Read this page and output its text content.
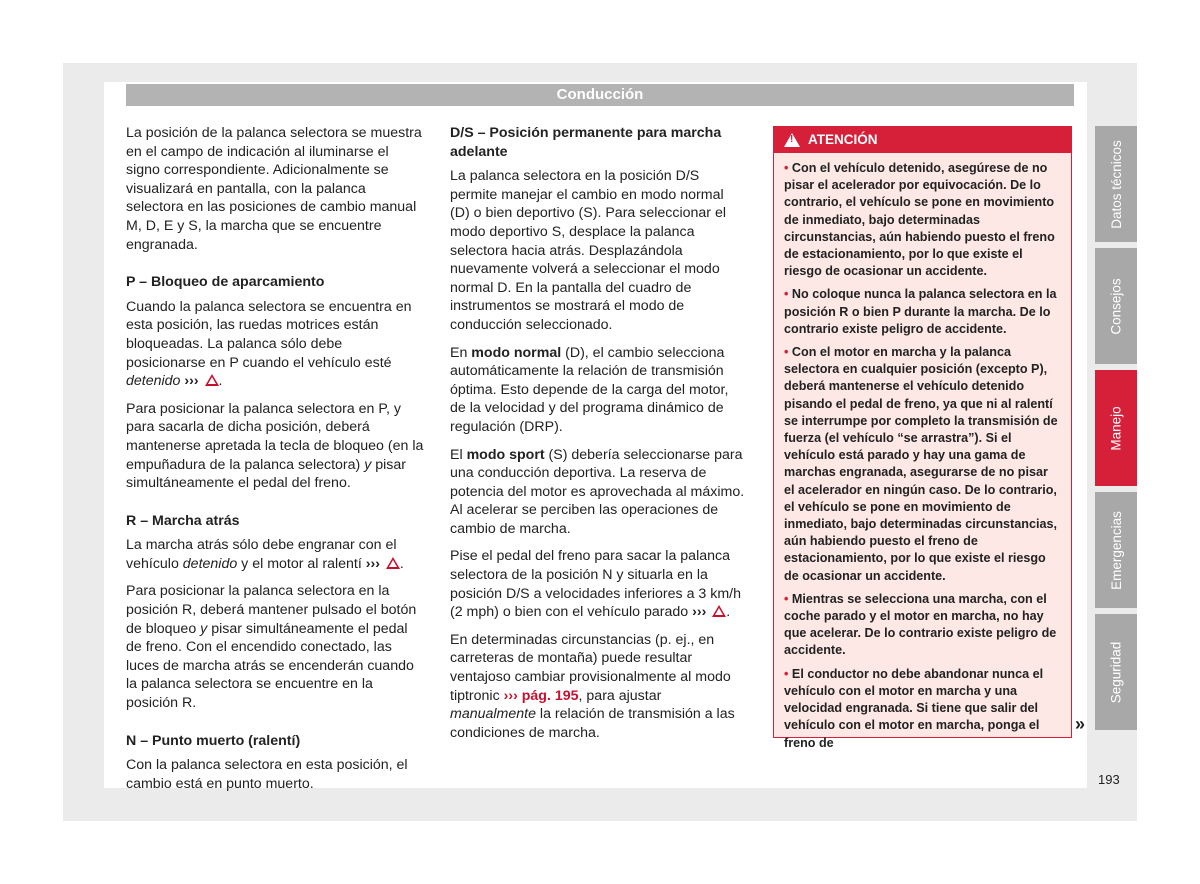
Conducción

La posición de la palanca selectora se muestra en el campo de indicación al iluminarse el signo correspondiente. Adicionalmente se visualizará en pantalla, con la palanca selectora en las posiciones de cambio manual M, D, E y S, la marcha que se encuentre engranada.

P – Bloqueo de aparcamiento

Cuando la palanca selectora se encuentra en esta posición, las ruedas motrices están bloqueadas. La palanca sólo debe posicionarse en P cuando el vehículo esté detenido ››› .

Para posicionar la palanca selectora en P, y para sacarla de dicha posición, deberá mantenerse apretada la tecla de bloqueo (en la empuñadura de la palanca selectora) y pisar simultáneamente el pedal del freno.

R – Marcha atrás

La marcha atrás sólo debe engranar con el vehículo detenido y el motor al ralentí ››› .

Para posicionar la palanca selectora en la posición R, deberá mantener pulsado el botón de bloqueo y pisar simultáneamente el pedal de freno. Con el encendido conectado, las luces de marcha atrás se encenderán cuando la palanca selectora se encuentre en la posición R.

N – Punto muerto (ralentí)

Con la palanca selectora en esta posición, el cambio está en punto muerto.

D/S – Posición permanente para marcha adelante

La palanca selectora en la posición D/S permite manejar el cambio en modo normal (D) o bien deportivo (S). Para seleccionar el modo deportivo S, desplace la palanca selectora hacia atrás. Desplazándola nuevamente volverá a seleccionar el modo normal D. En la pantalla del cuadro de instrumentos se mostrará el modo de conducción seleccionado.

En modo normal (D), el cambio selecciona automáticamente la relación de transmisión óptima. Esto depende de la carga del motor, de la velocidad y del programa dinámico de regulación (DRP).

El modo sport (S) debería seleccionarse para una conducción deportiva. La reserva de potencia del motor es aprovechada al máximo. Al acelerar se perciben las operaciones de cambio de marcha.

Pise el pedal del freno para sacar la palanca selectora de la posición N y situarla en la posición D/S a velocidades inferiores a 3 km/h (2 mph) o bien con el vehículo parado ››› .

En determinadas circunstancias (p. ej., en carreteras de montaña) puede resultar ventajoso cambiar provisionalmente al modo tiptronic ››› pág. 195, para ajustar manualmente la relación de transmisión a las condiciones de marcha.

!
ATENCIÓN

• Con el vehículo detenido, asegúrese de no pisar el acelerador por equivocación. De lo contrario, el vehículo se pone en movimiento de inmediato, bajo determinadas circunstancias, aún habiendo puesto el freno de estacionamiento, por lo que existe el riesgo de ocasionar un accidente.

• No coloque nunca la palanca selectora en la posición R o bien P durante la marcha. De lo contrario existe peligro de accidente.

• Con el motor en marcha y la palanca selectora en cualquier posición (excepto P), deberá mantenerse el vehículo detenido pisando el pedal de freno, ya que ni al ralentí se interrumpe por completo la transmisión de fuerza (el vehículo “se arrastra”). Si el vehículo está parado y hay una gama de marchas engranada, asegurarse de no pisar el acelerador en ningún caso. De lo contrario, el vehículo se pone en movimiento de inmediato, bajo determinadas circunstancias, aún habiendo puesto el freno de estacionamiento, por lo que existe el riesgo de ocasionar un accidente.

• Mientras se selecciona una marcha, con el coche parado y el motor en marcha, no hay que acelerar. De lo contrario existe peligro de accidente.

• El conductor no debe abandonar nunca el vehículo con el motor en marcha y una velocidad engranada. Si tiene que salir del vehículo con el motor en marcha, ponga el freno de

»
Datos técnicos
Consejos
Manejo
Emergencias
Seguridad
193
